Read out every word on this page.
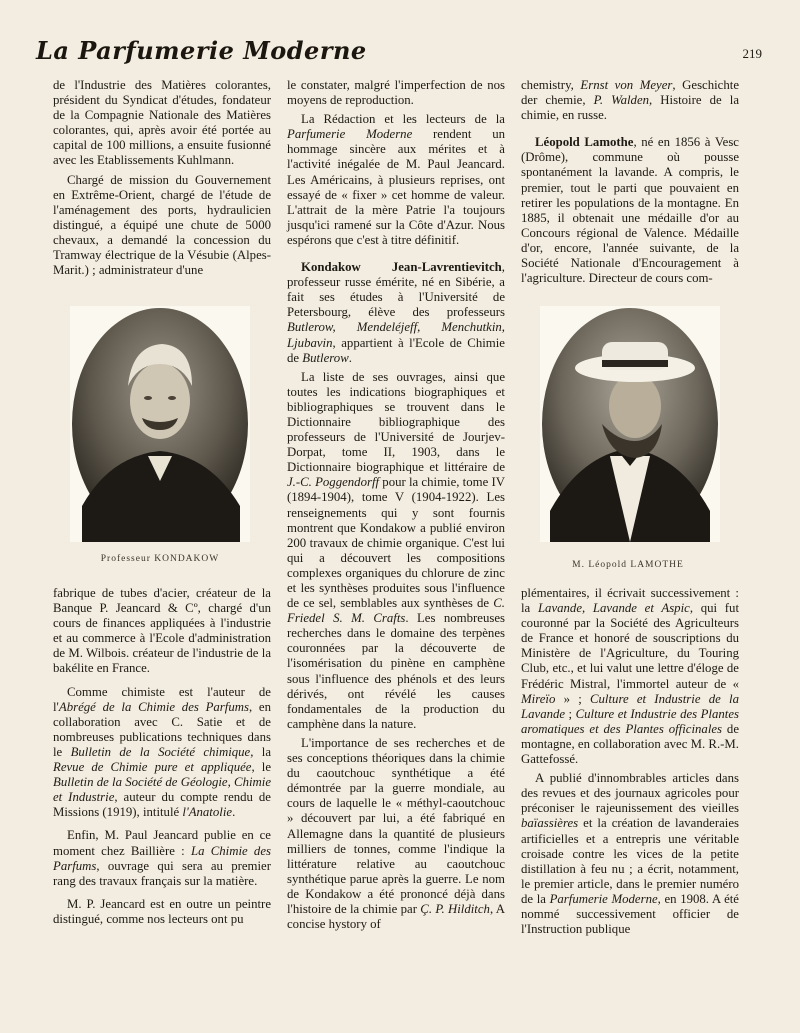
La Parfumerie Moderne	219

de l'Industrie des Matières colorantes, président du Syndicat d'études, fondateur de la Compagnie Nationale des Matières colorantes, qui, après avoir été portée au capital de 100 millions, a ensuite fusionné avec les Etablissements Kuhlmann.

Chargé de mission du Gouvernement en Extrême-Orient, chargé de l'étude de l'aménagement des ports, hydraulicien distingué, a équipé une chute de 5000 chevaux, a demandé la concession du Tramway électrique de la Vésubie (Alpes-Marit.) ; administrateur d'une

Professeur KONDAKOW

fabrique de tubes d'acier, créateur de la Banque P. Jeancard & Cº, chargé d'un cours de finances appliquées à l'industrie et au commerce à l'Ecole d'administration de M. Wilbois. créateur de l'industrie de la bakélite en France.

Comme chimiste est l'auteur de l'Abrégé de la Chimie des Parfums, en collaboration avec C. Satie et de nombreuses publications techniques dans le Bulletin de la Société chimique, la Revue de Chimie pure et appliquée, le Bulletin de la Société de Géologie, Chimie et Industrie, auteur du compte rendu de Missions (1919), intitulé l'Anatolie.

Enfin, M. Paul Jeancard publie en ce moment chez Baillière : La Chimie des Parfums, ouvrage qui sera au premier rang des travaux français sur la matière.

M. P. Jeancard est en outre un peintre distingué, comme nos lecteurs ont pu

le constater, malgré l'imperfection de nos moyens de reproduction.

La Rédaction et les lecteurs de la Parfumerie Moderne rendent un hommage sincère aux mérites et à l'activité inégalée de M. Paul Jeancard. Les Américains, à plusieurs reprises, ont essayé de « fixer » cet homme de valeur. L'attrait de la mère Patrie l'a toujours jusqu'ici ramené sur la Côte d'Azur. Nous espérons que c'est à titre définitif.

Kondakow Jean-Lavrentievitch, professeur russe émérite, né en Sibérie, a fait ses études à l'Université de Petersbourg, élève des professeurs Butlerow, Mendeléjeff, Menchutkin, Ljubavin, appartient à l'Ecole de Chimie de Butlerow.

La liste de ses ouvrages, ainsi que toutes les indications biographiques et bibliographiques se trouvent dans le Dictionnaire bibliographique des professeurs de l'Université de Jourjev-Dorpat, tome II, 1903, dans le Dictionnaire biographique et littéraire de J.-C. Poggendorff pour la chimie, tome IV (1894-1904), tome V (1904-1922). Les renseignements qui y sont fournis montrent que Kondakow a publié environ 200 travaux de chimie organique. C'est lui qui a découvert les compositions complexes organiques du chlorure de zinc et les synthèses produites sous l'influence de ce sel, semblables aux synthèses de C. Friedel S. M. Crafts. Les nombreuses recherches dans le domaine des terpènes couronnées par la découverte de l'isomérisation du pinène en camphène sous l'influence des phénols et des leurs dérivés, ont révélé les causes fondamentales de la production du camphène dans la nature.

L'importance de ses recherches et de ses conceptions théoriques dans la chimie du caoutchouc synthétique a été démontrée par la guerre mondiale, au cours de laquelle le « méthyl-caoutchouc » découvert par lui, a été fabriqué en Allemagne dans la quantité de plusieurs milliers de tonnes, comme l'indique la littérature relative au caoutchouc synthétique parue après la guerre. Le nom de Kondakow a été prononcé déjà dans l'histoire de la chimie par Ç. P. Hilditch, A concise hystory of

chemistry, Ernst von Meyer, Geschichte der chemie, P. Walden, Histoire de la chimie, en russe.

Léopold Lamothe, né en 1856 à Vesc (Drôme), commune où pousse spontanément la lavande. A compris, le premier, tout le parti que pouvaient en retirer les populations de la montagne. En 1885, il obtenait une médaille d'or au Concours régional de Valence. Médaille d'or, encore, l'année suivante, de la Société Nationale d'Encouragement à l'agriculture. Directeur de cours com-

M. Léopold LAMOTHE

plémentaires, il écrivait successivement : la Lavande, Lavande et Aspic, qui fut couronné par la Société des Agriculteurs de France et honoré de souscriptions du Ministère de l'Agriculture, du Touring Club, etc., et lui valut une lettre d'éloge de Frédéric Mistral, l'immortel auteur de « Mireïo » ; Culture et Industrie de la Lavande ; Culture et Industrie des Plantes aromatiques et des Plantes officinales de montagne, en collaboration avec M. R.-M. Gattefossé.

A publié d'innombrables articles dans des revues et des journaux agricoles pour préconiser le rajeunissement des vieilles baïassières et la création de lavanderaies artificielles et a entrepris une véritable croisade contre les vices de la petite distillation à feu nu ; a écrit, notamment, le premier article, dans le premier numéro de la Parfumerie Moderne, en 1908. A été nommé successivement officier de l'Instruction publique
